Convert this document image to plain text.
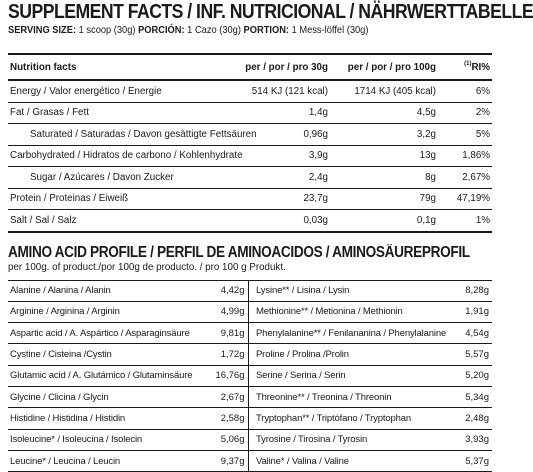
SUPPLEMENT FACTS / INF. NUTRICIONAL / NÄHRWERTTABELLE
SERVING SIZE: 1 scoop (30g) PORCIÓN: 1 Cazo (30g) PORTION: 1 Mess-löffel (30g)
Nutrition facts	per / por / pro 30g	per / por / pro 100g	$^{(1)}$RI%
Energy / Valor energético / Energie	514 KJ (121 kcal)	1714 KJ (405 kcal)	6%
Fat / Grasas / Fett	1,4g	4,5g	2%
Saturated / Saturadas / Davon gesättigte Fettsäuren	0,96g	3,2g	5%
Carbohydrated / Hidratos de carbono / Kohlenhydrate	3,9g	13g	1,86%
Sugar / Azúcares / Davon Zucker	2,4g	8g	2,67%
Protein / Proteinas / Eiweiß	23,7g	79g	47,19%
Salt / Sal / Salz	0,03g	0,1g	1%
AMINO ACID PROFILE / PERFIL DE AMINOACIDOS / AMINOSÄUREPROFIL
per 100g. of product./por 100g de producto. / pro 100 g Produkt.
Alanine / Alanina / Alanin	4,42g		Lysine** / Lisina / Lysin	8,28g
Arginine / Arginina / Arginin	4,99g		Methionine** / Metionina / Methionin	1,91g
Aspartic acid / A. Aspártico / Asparaginsäure	9,81g		Phenylalanine** / Fenilananina / Phenylalanine	4,54g
Cystine / Cisteina /Cystin	1,72g		Proline / Prolina /Prolin	5,57g
Glutamic acid / A. Glutámico / Glutaminsäure	16,76g		Serine / Serina / Serin	5,20g
Glycine / Clicina / Glycin	2,67g		Threonine** / Treonina / Threonin	5,34g
Histidine / Histidina / Histidin	2,58g		Tryptophan** / Triptófano / Tryptophan	2,48g
Isoleucine* / Isoleucina / Isolecin	5,06g		Tyrosine / Tirosina / Tyrosin	3,93g
Leucine* / Leucina / Leucin	9,37g		Valine* / Valina / Valine	5,37g
